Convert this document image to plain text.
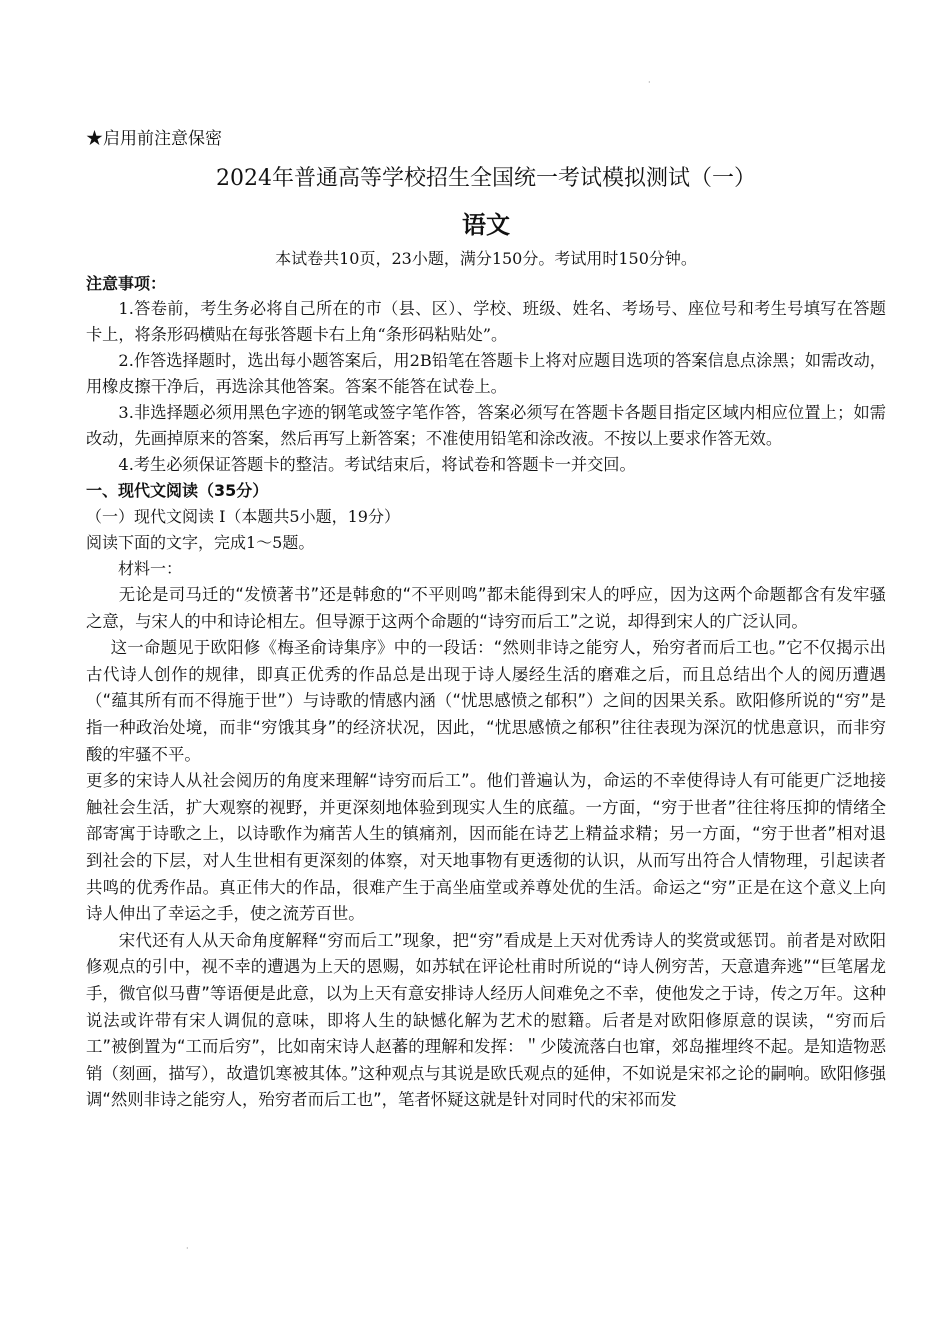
·

★启用前注意保密

2024年普通高等学校招生全国统一考试模拟测试（一）
语文

本试卷共10页，23小题，满分150分。考试用时150分钟。

注意事项：

1.答卷前，考生务必将自己所在的市（县、区）、学校、班级、姓名、考场号、座位号和考生号填写在答题卡上，将条形码横贴在每张答题卡右上角“条形码粘贴处”。

2.作答选择题时，选出每小题答案后，用2B铅笔在答题卡上将对应题目选项的答案信息点涂黑；如需改动，用橡皮擦干净后，再选涂其他答案。答案不能答在试卷上。

3.非选择题必须用黑色字迹的钢笔或签字笔作答，答案必须写在答题卡各题目指定区域内相应位置上；如需改动，先画掉原来的答案，然后再写上新答案；不准使用铅笔和涂改液。不按以上要求作答无效。

4.考生必须保证答题卡的整洁。考试结束后，将试卷和答题卡一并交回。

一、现代文阅读（35分）

（一）现代文阅读 I（本题共5小题，19分）

阅读下面的文字，完成1～5题。

材料一：

无论是司马迁的“发愤著书”还是韩愈的“不平则鸣”都未能得到宋人的呼应，因为这两个命题都含有发牢骚之意，与宋人的中和诗论相左。但导源于这两个命题的“诗穷而后工”之说，却得到宋人的广泛认同。

这一命题见于欧阳修《梅圣俞诗集序》中的一段话：“然则非诗之能穷人，殆穷者而后工也。”它不仅揭示出古代诗人创作的规律，即真正优秀的作品总是出现于诗人屡经生活的磨难之后，而且总结出个人的阅历遭遇（“蕴其所有而不得施于世”）与诗歌的情感内涵（“忧思感愤之郁积”）之间的因果关系。欧阳修所说的“穷”是指一种政治处境，而非“穷饿其身”的经济状况，因此，“忧思感愤之郁积”往往表现为深沉的忧患意识，而非穷酸的牢骚不平。

更多的宋诗人从社会阅历的角度来理解“诗穷而后工”。他们普遍认为，命运的不幸使得诗人有可能更广泛地接触社会生活，扩大观察的视野，并更深刻地体验到现实人生的底蕴。一方面，“穷于世者”往往将压抑的情绪全部寄寓于诗歌之上，以诗歌作为痛苦人生的镇痛剂，因而能在诗艺上精益求精；另一方面，“穷于世者”相对退到社会的下层，对人生世相有更深刻的体察，对天地事物有更透彻的认识，从而写出符合人情物理，引起读者共鸣的优秀作品。真正伟大的作品，很难产生于高坐庙堂或养尊处优的生活。命运之“穷”正是在这个意义上向诗人伸出了幸运之手，使之流芳百世。

宋代还有人从天命角度解释“穷而后工”现象，把“穷”看成是上天对优秀诗人的奖赏或惩罚。前者是对欧阳修观点的引中，视不幸的遭遇为上天的恩赐，如苏轼在评论杜甫时所说的“诗人例穷苦，天意遣奔逃”“巨笔屠龙手，微官似马曹”等语便是此意，以为上天有意安排诗人经历人间难免之不幸，使他发之于诗，传之万年。这种说法或许带有宋人调侃的意味，即将人生的缺憾化解为艺术的慰籍。后者是对欧阳修原意的误读，“穷而后工”被倒置为“工而后穷”，比如南宋诗人赵蕃的理解和发挥：＂少陵流落白也窜，郊岛摧埋终不起。是知造物恶销（刻画，描写），故遣饥寒被其体。”这种观点与其说是欧氏观点的延伸，不如说是宋祁之论的嗣响。欧阳修强调“然则非诗之能穷人，殆穷者而后工也”，笔者怀疑这就是针对同时代的宋祁而发

·
